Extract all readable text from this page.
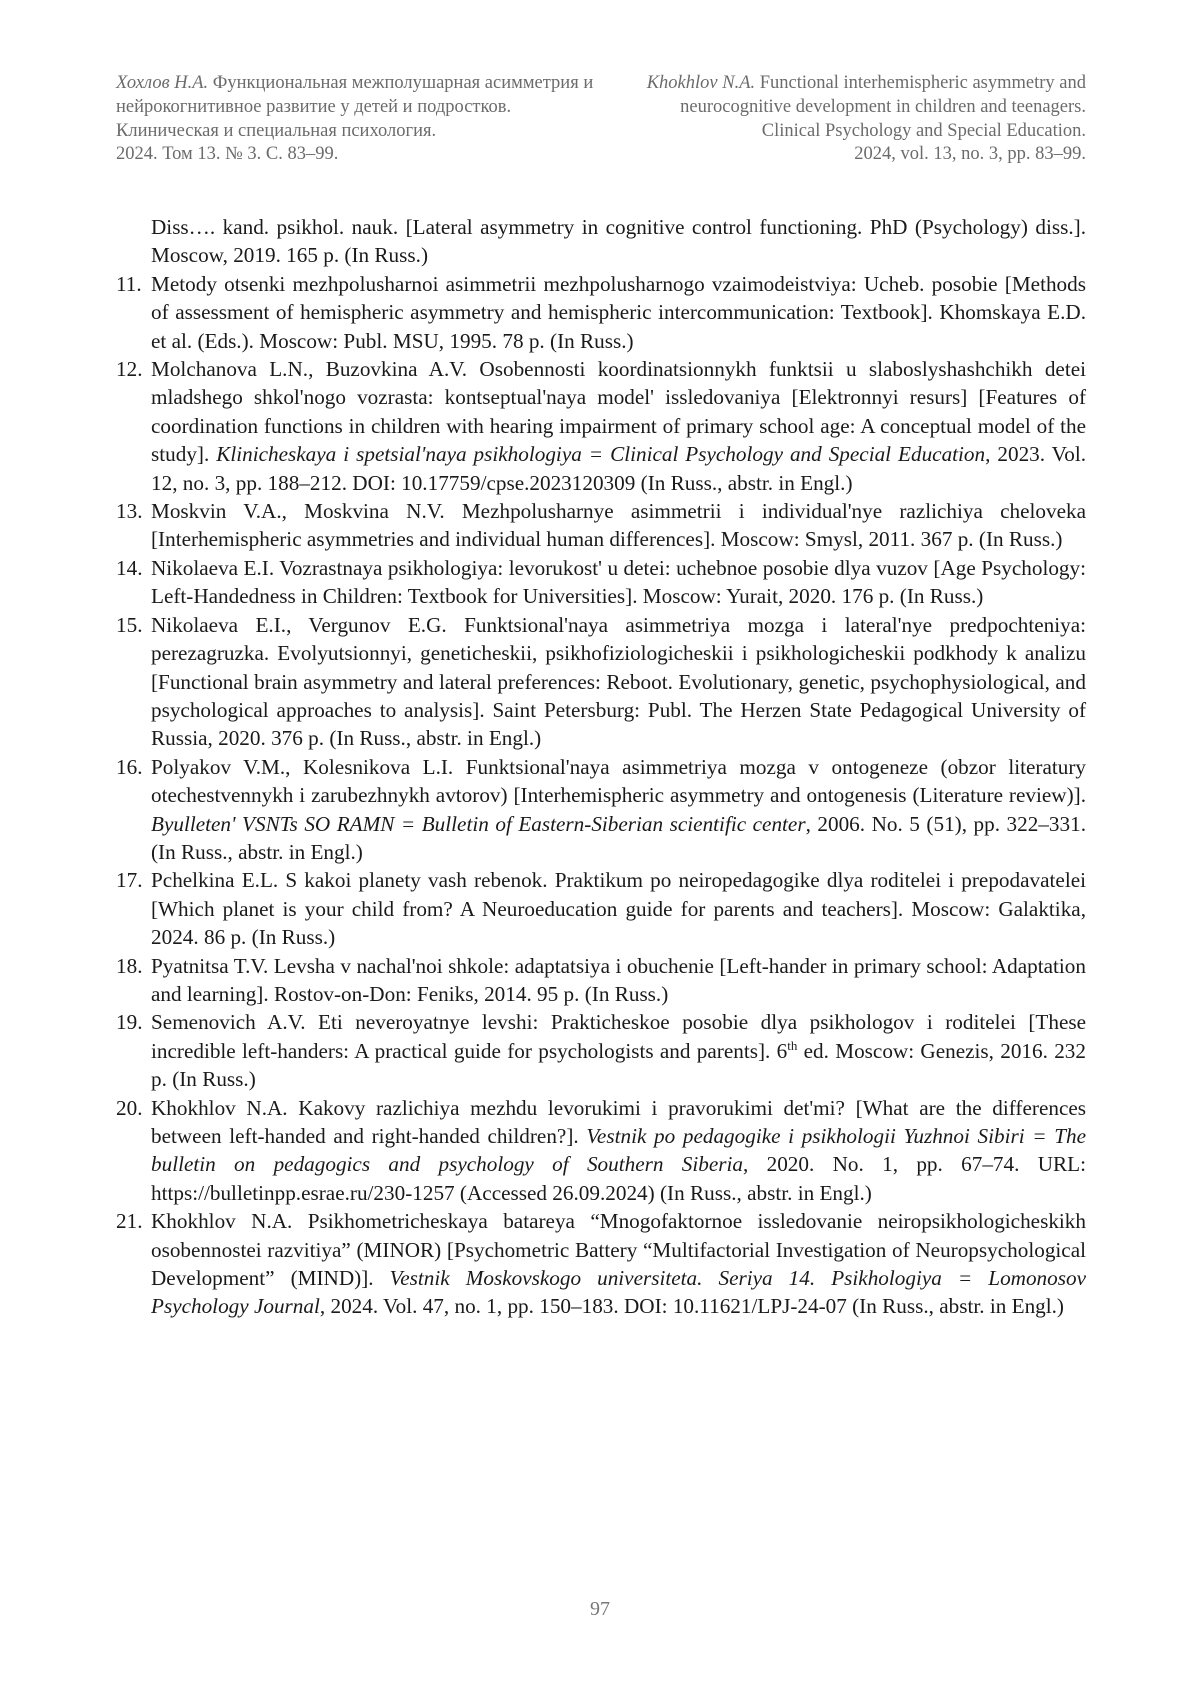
Хохлов Н.А. Функциональная межполушарная асимметрия и нейрокогнитивное развитие у детей и подростков.
Клиническая и специальная психология.
2024. Том 13. № 3. С. 83–99.
Khokhlov N.A. Functional interhemispheric asymmetry and neurocognitive development in children and teenagers.
Clinical Psychology and Special Education.
2024, vol. 13, no. 3, pp. 83–99.
Diss…. kand. psikhol. nauk. [Lateral asymmetry in cognitive control functioning. PhD (Psychology) diss.]. Moscow, 2019. 165 p. (In Russ.)
11. Metody otsenki mezhpolusharnoi asimmetrii mezhpolusharnogo vzaimodeistviya: Ucheb. posobie [Methods of assessment of hemispheric asymmetry and hemispheric intercommunication: Textbook]. Khomskaya E.D. et al. (Eds.). Moscow: Publ. MSU, 1995. 78 p. (In Russ.)
12. Molchanova L.N., Buzovkina A.V. Osobennosti koordinatsionnykh funktsii u slaboslyshashchikh detei mladshego shkol'nogo vozrasta: kontseptual'naya model' issledovaniya [Elektronnyi resurs] [Features of coordination functions in children with hearing impairment of primary school age: A conceptual model of the study]. Klinicheskaya i spetsial'naya psikhologiya = Clinical Psychology and Special Education, 2023. Vol. 12, no. 3, pp. 188–212. DOI: 10.17759/cpse.2023120309 (In Russ., abstr. in Engl.)
13. Moskvin V.A., Moskvina N.V. Mezhpolusharnye asimmetrii i individual'nye razlichiya cheloveka [Interhemispheric asymmetries and individual human differences]. Moscow: Smysl, 2011. 367 p. (In Russ.)
14. Nikolaeva E.I. Vozrastnaya psikhologiya: levorukost' u detei: uchebnoe posobie dlya vuzov [Age Psychology: Left-Handedness in Children: Textbook for Universities]. Moscow: Yurait, 2020. 176 p. (In Russ.)
15. Nikolaeva E.I., Vergunov E.G. Funktsional'naya asimmetriya mozga i lateral'nye predpochteniya: perezagruzka. Evolyutsionnyi, geneticheskii, psikhofiziologicheskii i psikhologicheskii podkhody k analizu [Functional brain asymmetry and lateral preferences: Reboot. Evolutionary, genetic, psychophysiological, and psychological approaches to analysis]. Saint Petersburg: Publ. The Herzen State Pedagogical University of Russia, 2020. 376 p. (In Russ., abstr. in Engl.)
16. Polyakov V.M., Kolesnikova L.I. Funktsional'naya asimmetriya mozga v ontogeneze (obzor literatury otechestvennykh i zarubezhnykh avtorov) [Interhemispheric asymmetry and ontogenesis (Literature review)]. Byulleten' VSNTs SO RAMN = Bulletin of Eastern-Siberian scientific center, 2006. No. 5 (51), pp. 322–331. (In Russ., abstr. in Engl.)
17. Pchelkina E.L. S kakoi planety vash rebenok. Praktikum po neiropedagogike dlya roditelei i prepodavatelei [Which planet is your child from? A Neuroeducation guide for parents and teachers]. Moscow: Galaktika, 2024. 86 p. (In Russ.)
18. Pyatnitsa T.V. Levsha v nachal'noi shkole: adaptatsiya i obuchenie [Left-hander in primary school: Adaptation and learning]. Rostov-on-Don: Feniks, 2014. 95 p. (In Russ.)
19. Semenovich A.V. Eti neveroyatnye levshi: Prakticheskoe posobie dlya psikhologov i roditelei [These incredible left-handers: A practical guide for psychologists and parents]. 6th ed. Moscow: Genezis, 2016. 232 p. (In Russ.)
20. Khokhlov N.A. Kakovy razlichiya mezhdu levorukimi i pravorukimi det'mi? [What are the differences between left-handed and right-handed children?]. Vestnik po pedagogike i psikhologii Yuzhnoi Sibiri = The bulletin on pedagogics and psychology of Southern Siberia, 2020. No. 1, pp. 67–74. URL: https://bulletinpp.esrae.ru/230-1257 (Accessed 26.09.2024) (In Russ., abstr. in Engl.)
21. Khokhlov N.A. Psikhometricheskaya batareya “Mnogofaktornoe issledovanie neiropsikhologicheskikh osobennostei razvitiya” (MINOR) [Psychometric Battery “Multifactorial Investigation of Neuropsychological Development” (MIND)]. Vestnik Moskovskogo universiteta. Seriya 14. Psikhologiya = Lomonosov Psychology Journal, 2024. Vol. 47, no. 1, pp. 150–183. DOI: 10.11621/LPJ-24-07 (In Russ., abstr. in Engl.)
97
